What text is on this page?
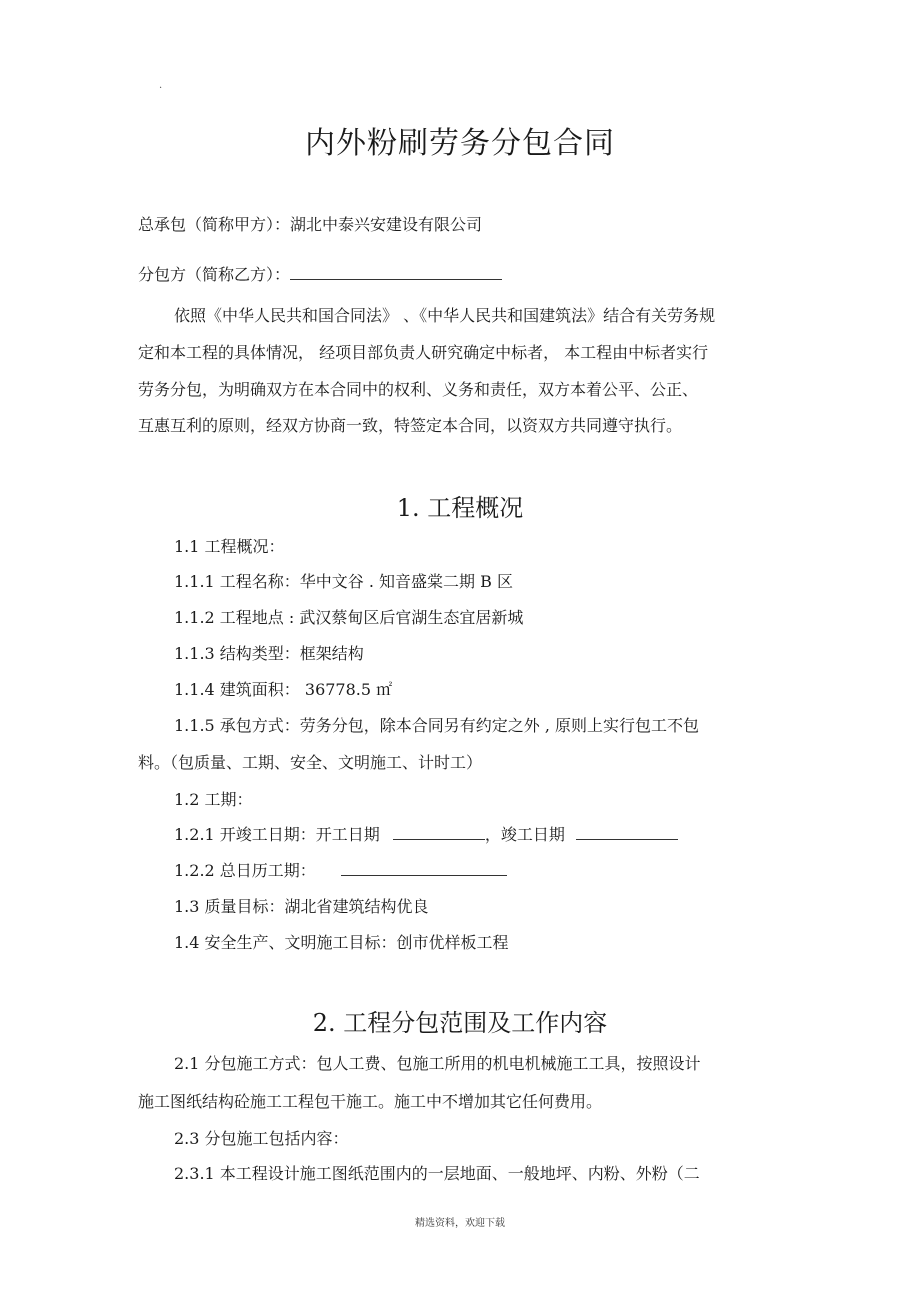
.
内外粉刷劳务分包合同
总承包（简称甲方）：湖北中泰兴安建设有限公司
分包方（简称乙方）：
依照《中华人民共和国合同法》 、《中华人民共和国建筑法》结合有关劳务规
定和本工程的具体情况， 经项目部负责人研究确定中标者， 本工程由中标者实行
劳务分包，为明确双方在本合同中的权利、义务和责任，双方本着公平、公正、
互惠互利的原则，经双方协商一致，特签定本合同，以资双方共同遵守执行。
1. 工程概况
1.1 工程概况：
1.1.1 工程名称：华中文谷 . 知音盛棠二期 B 区
1.1.2 工程地点 : 武汉蔡甸区后官湖生态宜居新城
1.1.3 结构类型：框架结构
1.1.4 建筑面积： 36778.5 ㎡
1.1.5 承包方式：劳务分包，除本合同另有约定之外 , 原则上实行包工不包
料。（包质量、工期、安全、文明施工、计时工）
1.2 工期：
1.2.1 开竣工日期：开工日期	，竣工日期
1.2.2 总日历工期：
1.3 质量目标：湖北省建筑结构优良
1.4 安全生产、文明施工目标：创市优样板工程
2. 工程分包范围及工作内容
2.1 分包施工方式：包人工费、包施工所用的机电机械施工工具，按照设计
施工图纸结构砼施工工程包干施工。施工中不增加其它任何费用。
2.3 分包施工包括内容：
2.3.1 本工程设计施工图纸范围内的一层地面、一般地坪、内粉、外粉（二
精选资料，欢迎下载
